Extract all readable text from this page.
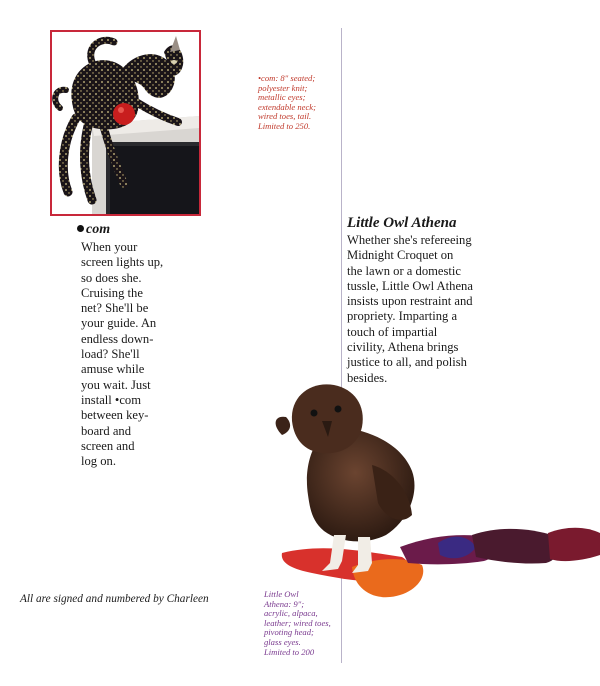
•com: 8" seated;
polyester knit;
metallic eyes;
extendable neck;
wired toes, tail.
Limited to 250.
com
When your
screen lights up,
so does she.
Cruising the
net? She'll be
your guide. An
endless down-
load? She'll
amuse while
you wait. Just
install •com
between key-
board and
screen and
log on.
Little Owl Athena
Whether she's refereeing
Midnight Croquet on
the lawn or a domestic
tussle, Little Owl Athena
insists upon restraint and
propriety. Imparting a
touch of impartial
civility, Athena brings
justice to all, and polish
besides.
All are signed and numbered by Charleen	Little Owl
Athena: 9";
acrylic, alpaca,
leather; wired toes,
pivoting head;
glass eyes.
Limited to 200
